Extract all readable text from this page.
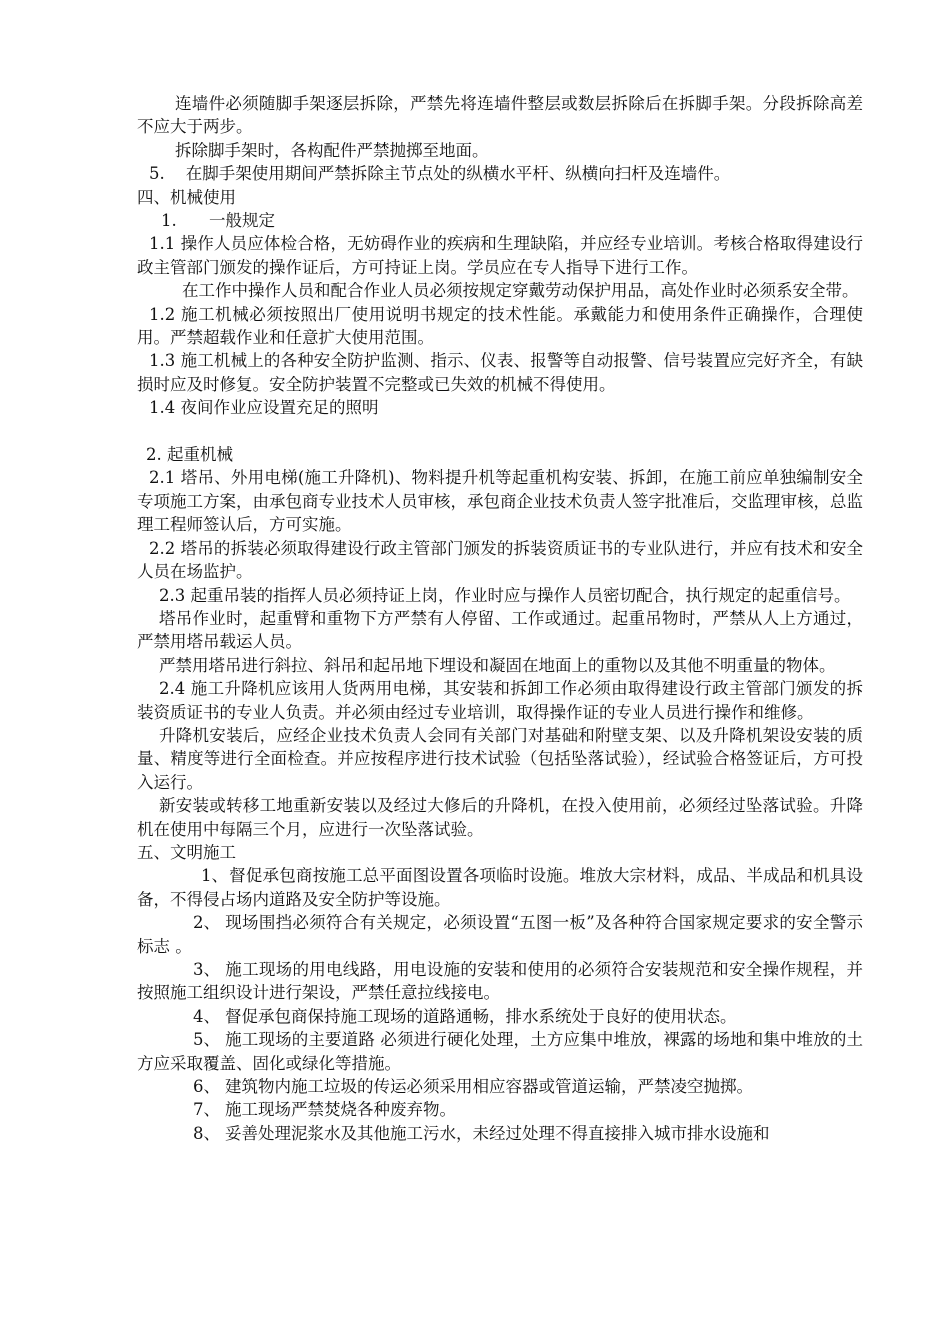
连墙件必须随脚手架逐层拆除，严禁先将连墙件整层或数层拆除后在拆脚手架。分段拆除高差不应大于两步。

拆除脚手架时，各构配件严禁抛掷至地面。

5.    在脚手架使用期间严禁拆除主节点处的纵横水平杆、纵横向扫杆及连墙件。

四、机械使用

1. 一般规定

1.1 操作人员应体检合格，无妨碍作业的疾病和生理缺陷，并应经专业培训。考核合格取得建设行政主管部门颁发的操作证后，方可持证上岗。学员应在专人指导下进行工作。

在工作中操作人员和配合作业人员必须按规定穿戴劳动保护用品，高处作业时必须系安全带。

1.2 施工机械必须按照出厂使用说明书规定的技术性能。承戴能力和使用条件正确操作，合理使用。严禁超载作业和任意扩大使用范围。

1.3 施工机械上的各种安全防护监测、指示、仪表、报警等自动报警、信号装置应完好齐全，有缺损时应及时修复。安全防护装置不完整或已失效的机械不得使用。

1.4 夜间作业应设置充足的照明

2. 起重机械

2.1 塔吊、外用电梯(施工升降机)、物料提升机等起重机构安装、拆卸，在施工前应单独编制安全专项施工方案，由承包商专业技术人员审核，承包商企业技术负责人签字批准后，交监理审核，总监理工程师签认后，方可实施。

2.2 塔吊的拆装必须取得建设行政主管部门颁发的拆装资质证书的专业队进行，并应有技术和安全人员在场监护。

2.3 起重吊装的指挥人员必须持证上岗，作业时应与操作人员密切配合，执行规定的起重信号。

塔吊作业时，起重臂和重物下方严禁有人停留、工作或通过。起重吊物时，严禁从人上方通过，严禁用塔吊载运人员。

严禁用塔吊进行斜拉、斜吊和起吊地下埋设和凝固在地面上的重物以及其他不明重量的物体。

2.4 施工升降机应该用人货两用电梯，其安装和拆卸工作必须由取得建设行政主管部门颁发的拆装资质证书的专业人负责。并必须由经过专业培训，取得操作证的专业人员进行操作和维修。

升降机安装后，应经企业技术负责人会同有关部门对基础和附壁支架、以及升降机架设安装的质量、精度等进行全面检查。并应按程序进行技术试验（包括坠落试验），经试验合格签证后，方可投入运行。

新安装或转移工地重新安装以及经过大修后的升降机，在投入使用前，必须经过坠落试验。升降机在使用中每隔三个月，应进行一次坠落试验。

五、文明施工

1、督促承包商按施工总平面图设置各项临时设施。堆放大宗材料，成品、半成品和机具设备，不得侵占场内道路及安全防护等设施。

2、 现场围挡必须符合有关规定，必须设置“五图一板”及各种符合国家规定要求的安全警示标志 。

3、 施工现场的用电线路，用电设施的安装和使用的必须符合安装规范和安全操作规程，并按照施工组织设计进行架设，严禁任意拉线接电。

4、 督促承包商保持施工现场的道路通畅，排水系统处于良好的使用状态。

5、 施工现场的主要道路 必须进行硬化处理，土方应集中堆放，裸露的场地和集中堆放的土方应采取覆盖、固化或绿化等措施。

6、 建筑物内施工垃圾的传运必须采用相应容器或管道运输，严禁凌空抛掷。

7、 施工现场严禁焚烧各种废弃物。

8、 妥善处理泥浆水及其他施工污水，未经过处理不得直接排入城市排水设施和
